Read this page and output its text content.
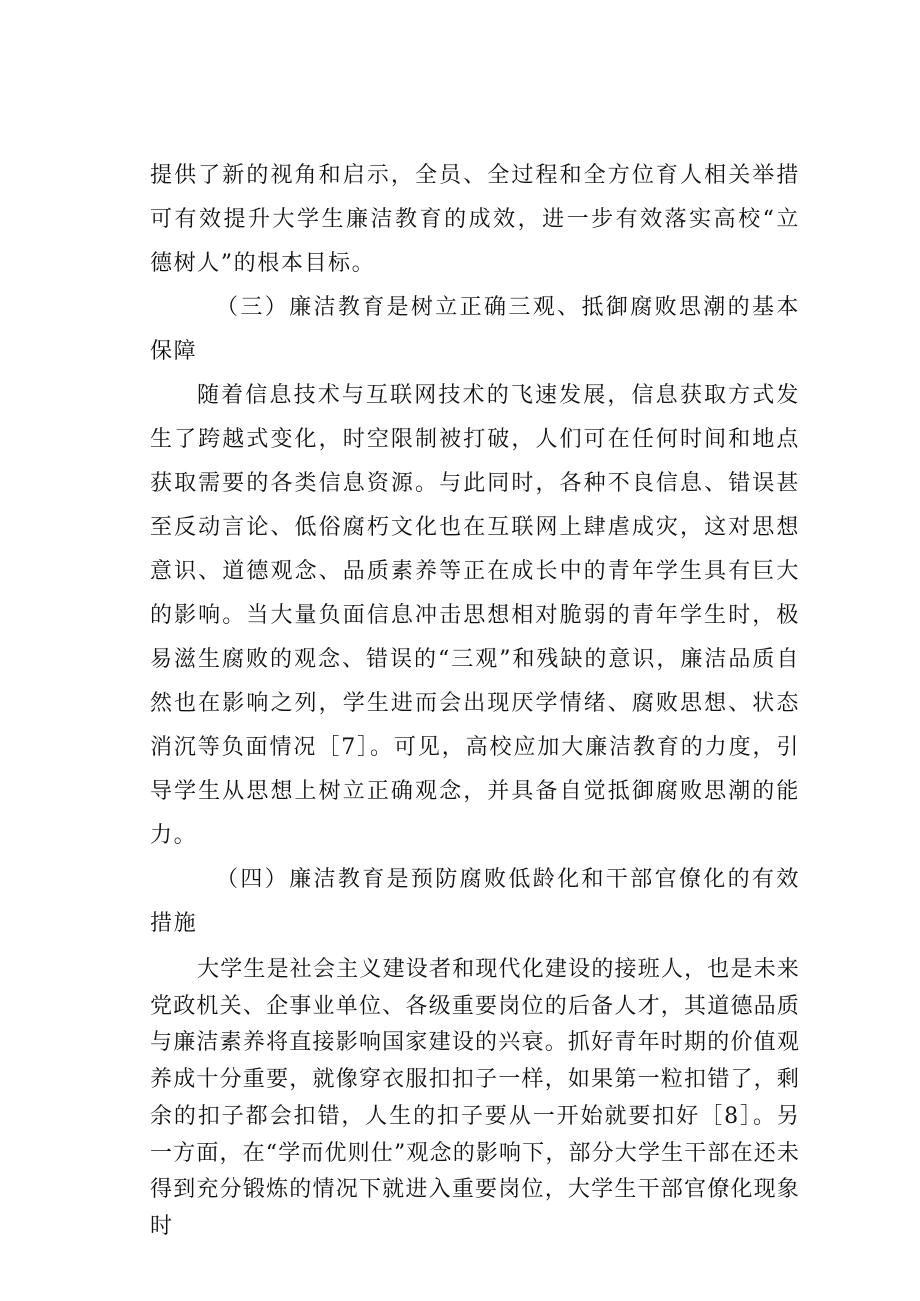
提供了新的视角和启示，全员、全过程和全方位育人相关举措可有效提升大学生廉洁教育的成效，进一步有效落实高校“立德树人”的根本目标。

（三）廉洁教育是树立正确三观、抵御腐败思潮的基本保障

随着信息技术与互联网技术的飞速发展，信息获取方式发生了跨越式变化，时空限制被打破，人们可在任何时间和地点获取需要的各类信息资源。与此同时，各种不良信息、错误甚至反动言论、低俗腐朽文化也在互联网上肆虐成灾，这对思想意识、道德观念、品质素养等正在成长中的青年学生具有巨大的影响。当大量负面信息冲击思想相对脆弱的青年学生时，极易滋生腐败的观念、错误的“三观”和残缺的意识，廉洁品质自然也在影响之列，学生进而会出现厌学情绪、腐败思想、状态消沉等负面情况［7］。可见，高校应加大廉洁教育的力度，引导学生从思想上树立正确观念，并具备自觉抵御腐败思潮的能力。

（四）廉洁教育是预防腐败低龄化和干部官僚化的有效措施

大学生是社会主义建设者和现代化建设的接班人，也是未来党政机关、企事业单位、各级重要岗位的后备人才，其道德品质与廉洁素养将直接影响国家建设的兴衰。抓好青年时期的价值观养成十分重要，就像穿衣服扣扣子一样，如果第一粒扣错了，剩余的扣子都会扣错，人生的扣子要从一开始就要扣好［8］。另一方面，在“学而优则仕”观念的影响下，部分大学生干部在还未得到充分锻炼的情况下就进入重要岗位，大学生干部官僚化现象时
